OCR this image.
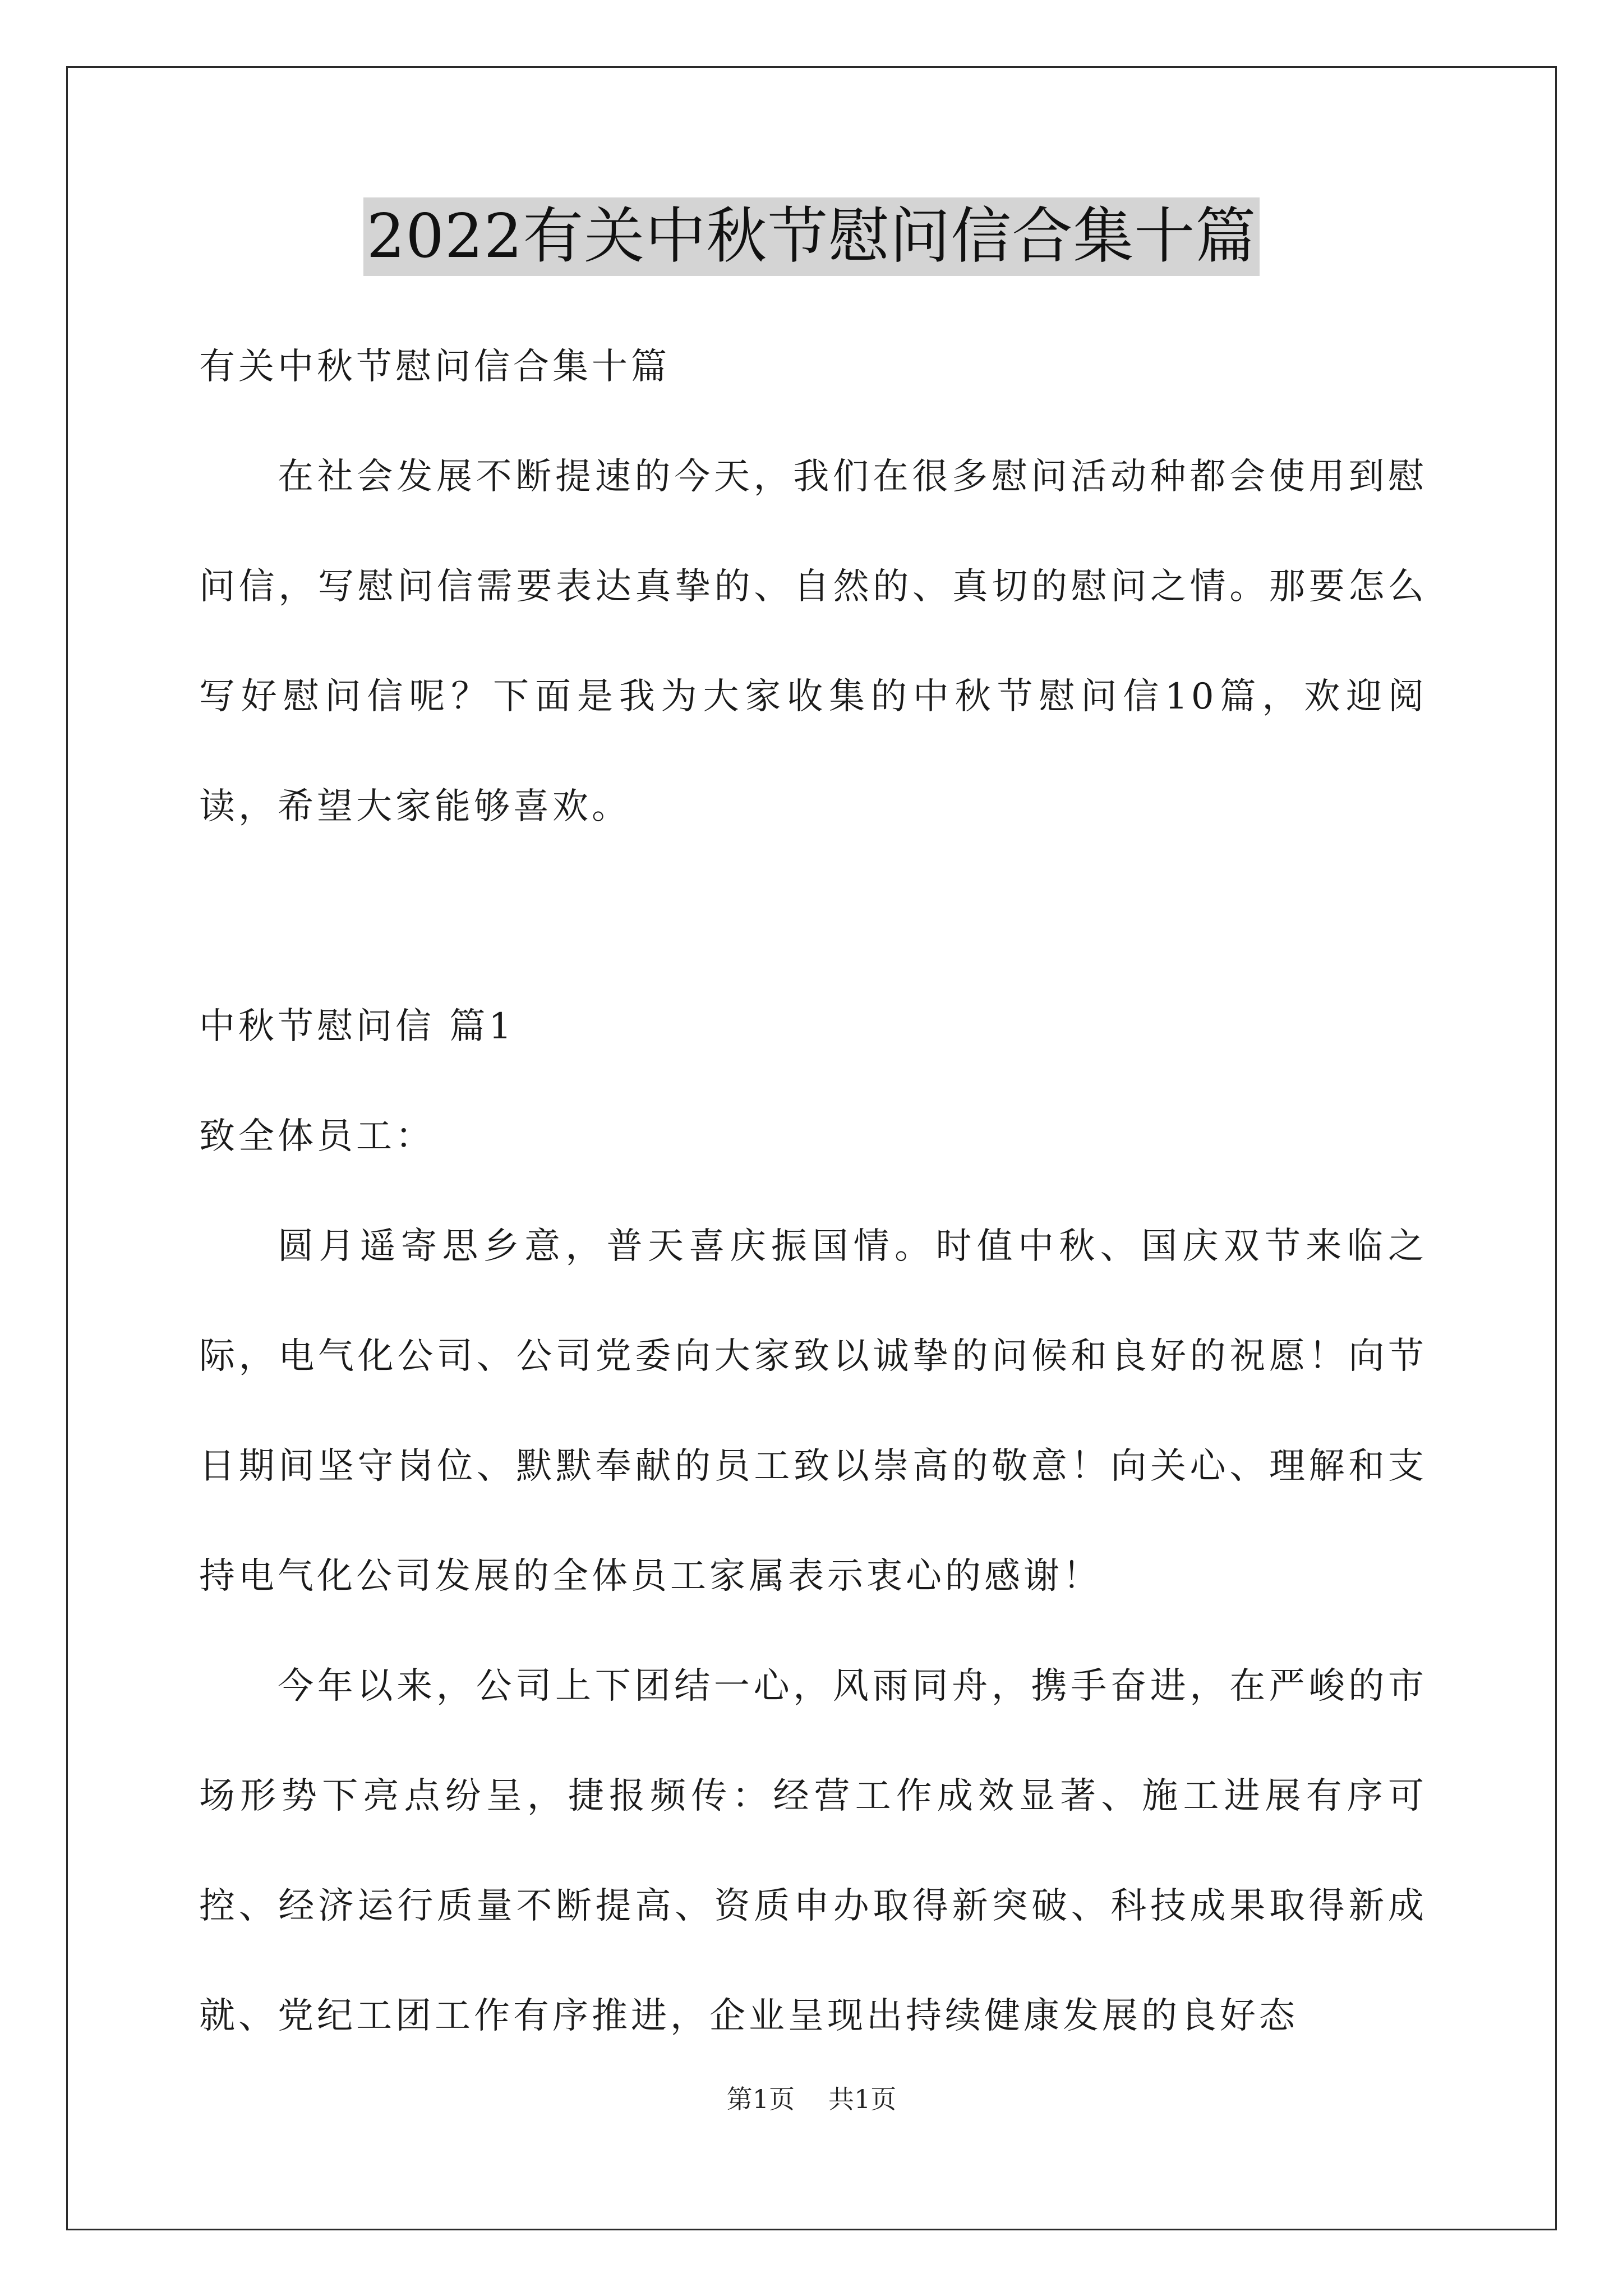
2022有关中秋节慰问信合集十篇

有关中秋节慰问信合集十篇

在社会发展不断提速的今天，我们在很多慰问活动种都会使用到慰问信，写慰问信需要表达真挚的、自然的、真切的慰问之情。那要怎么写好慰问信呢？下面是我为大家收集的中秋节慰问信10篇，欢迎阅读，希望大家能够喜欢。

中秋节慰问信 篇1

致全体员工：

圆月遥寄思乡意，普天喜庆振国情。时值中秋、国庆双节来临之际，电气化公司、公司党委向大家致以诚挚的问候和良好的祝愿！向节日期间坚守岗位、默默奉献的员工致以崇高的敬意！向关心、理解和支持电气化公司发展的全体员工家属表示衷心的感谢！

今年以来，公司上下团结一心，风雨同舟，携手奋进，在严峻的市场形势下亮点纷呈，捷报频传：经营工作成效显著、施工进展有序可控、经济运行质量不断提高、资质申办取得新突破、科技成果取得新成就、党纪工团工作有序推进，企业呈现出持续健康发展的良好态

第1页 共1页
